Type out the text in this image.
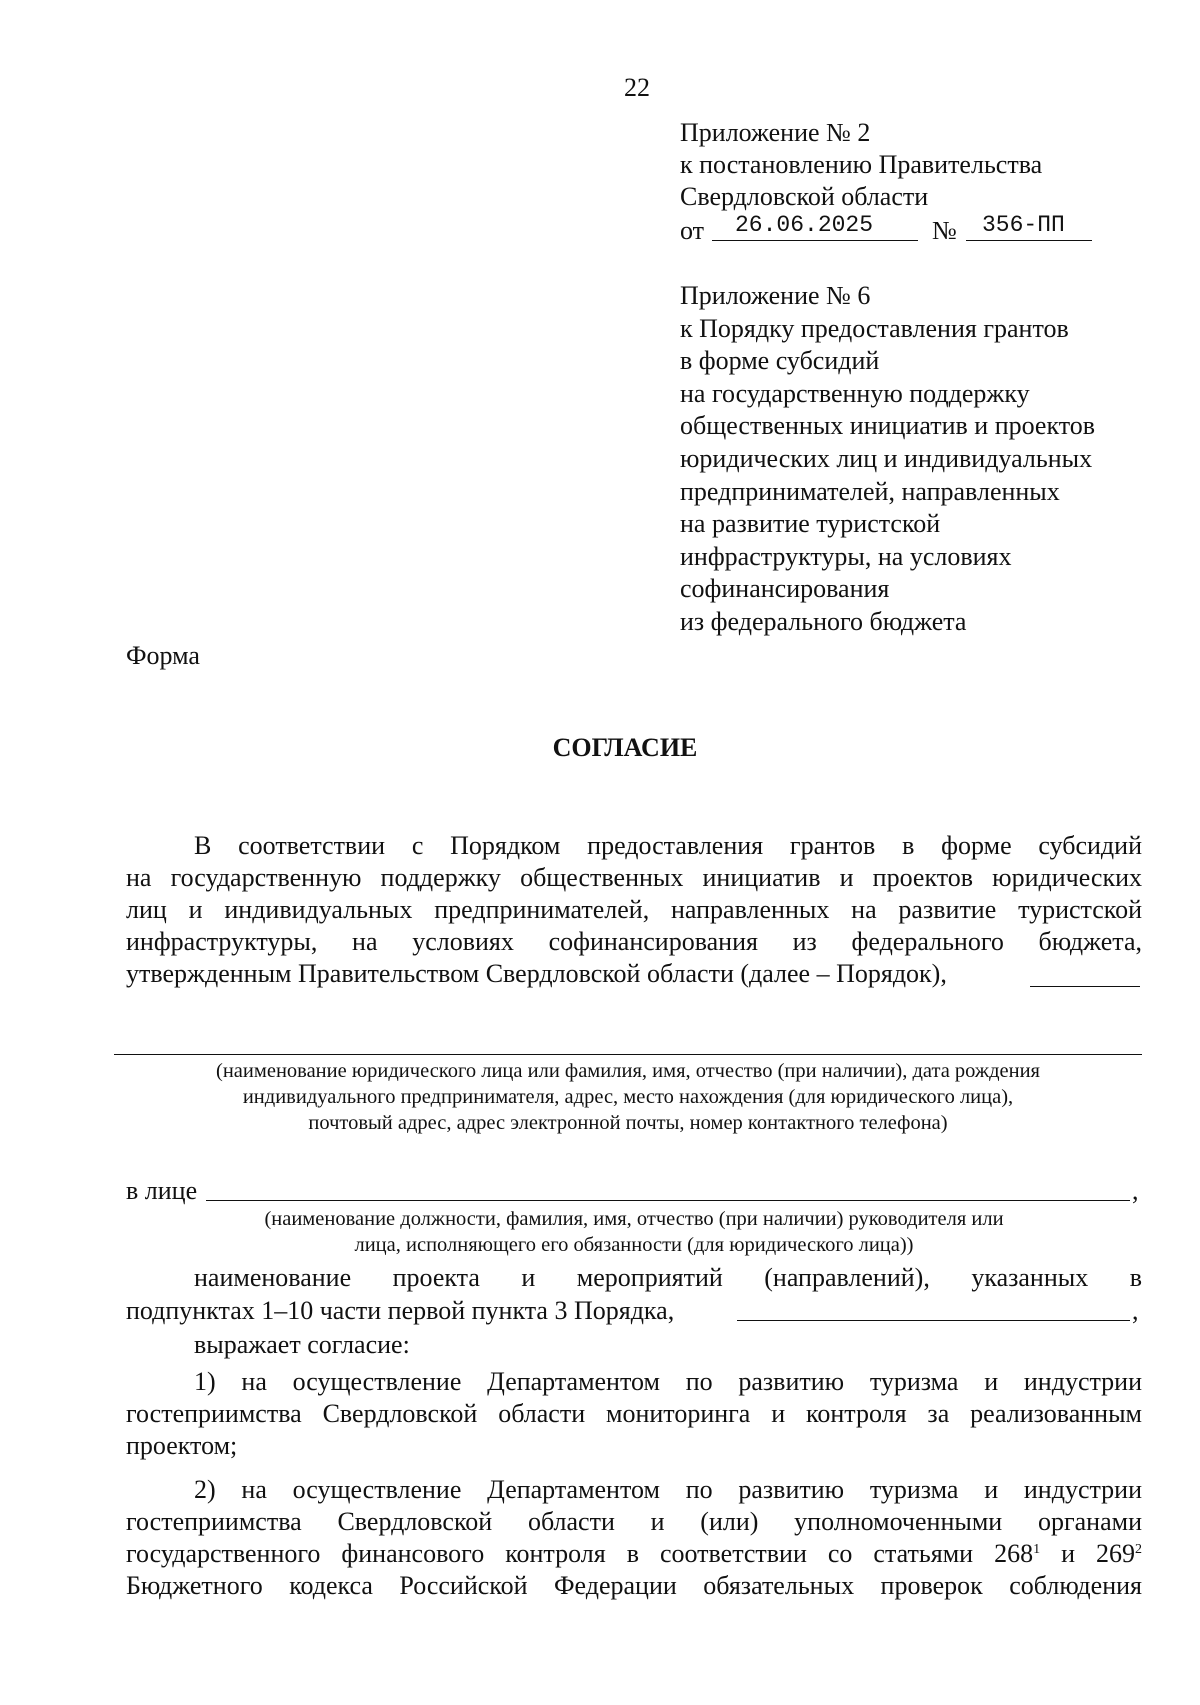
22
Приложение № 2
к постановлению Правительства
Свердловской области
от 26.06.2025 № 356-ПП
Приложение № 6
к Порядку предоставления грантов
в форме субсидий
на государственную поддержку
общественных инициатив и проектов
юридических лиц и индивидуальных
предпринимателей, направленных
на развитие туристской
инфраструктуры, на условиях
софинансирования
из федерального бюджета
Форма
СОГЛАСИЕ
В соответствии с Порядком предоставления грантов в форме субсидий
на государственную поддержку общественных инициатив и проектов юридических
лиц и индивидуальных предпринимателей, направленных на развитие туристской
инфраструктуры, на условиях софинансирования из федерального бюджета,
утвержденным Правительством Свердловской области (далее – Порядок),
(наименование юридического лица или фамилия, имя, отчество (при наличии), дата рождения
индивидуального предпринимателя, адрес, место нахождения (для юридического лица),
почтовый адрес, адрес электронной почты, номер контактного телефона)
в лице	,
(наименование должности, фамилия, имя, отчество (при наличии) руководителя или
лица, исполняющего его обязанности (для юридического лица))
наименование проекта и мероприятий (направлений), указанных в
подпунктах 1–10 части первой пункта 3 Порядка,	,
выражает согласие:
1) на осуществление Департаментом по развитию туризма и индустрии
гостеприимства Свердловской области мониторинга и контроля за реализованным
проектом;
2) на осуществление Департаментом по развитию туризма и индустрии
гостеприимства Свердловской области и (или) уполномоченными органами
государственного финансового контроля в соответствии со статьями $268^1$ и $269^2$
Бюджетного кодекса Российской Федерации обязательных проверок соблюдения
